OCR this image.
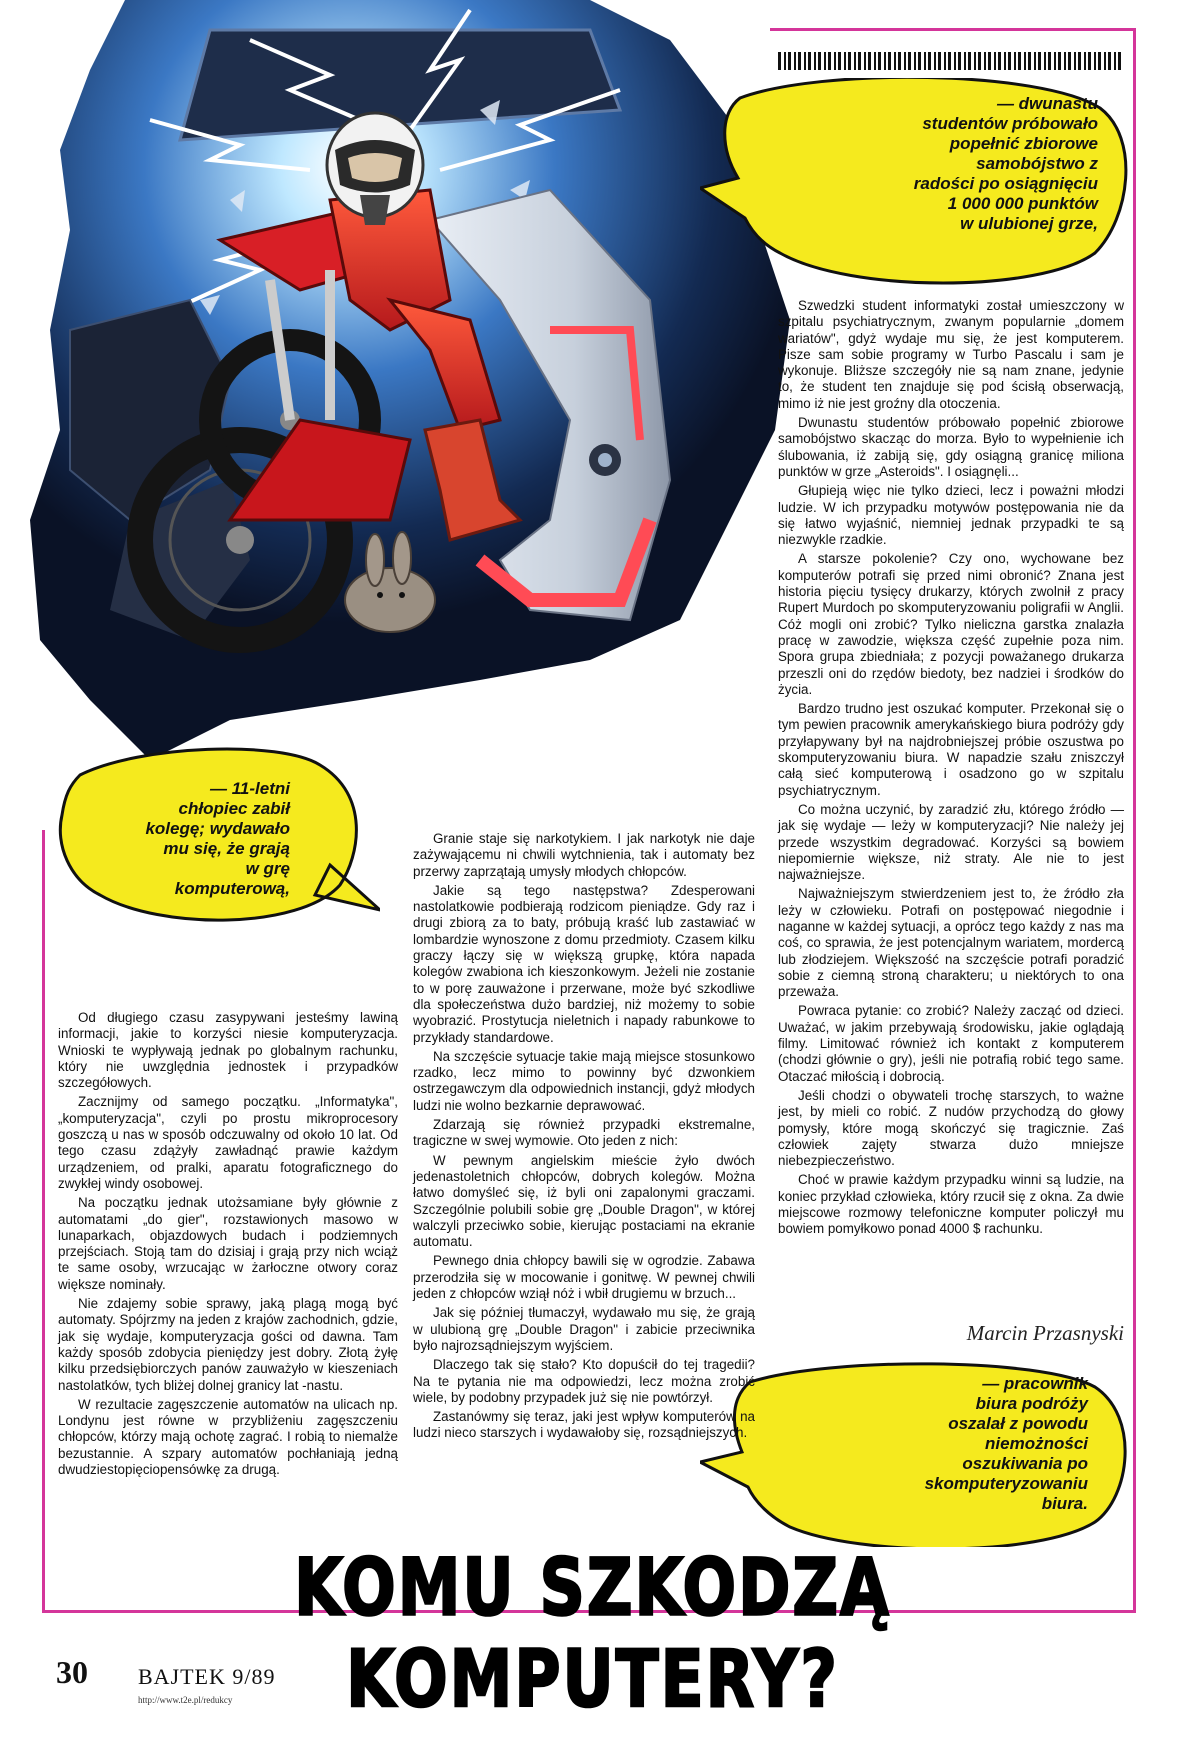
— dwunastu
studentów próbowało
popełnić zbiorowe
samobójstwo z
radości po osiągnięciu
1 000 000 punktów
w ulubionej grze,
— 11-letni
chłopiec zabił
kolegę; wydawało
mu się, że grają
w grę
komputerową,
— pracownik
biura podróży
oszalał z powodu
niemożności
oszukiwania po
skomputeryzowaniu
biura.

Od długiego czasu zasypywani jesteśmy lawiną informacji, jakie to korzyści niesie komputeryzacja. Wnioski te wypływają jednak po globalnym rachunku, który nie uwzględnia jednostek i przypadków szczegółowych.

Zacznijmy od samego początku. „Informatyka", „komputeryzacja", czyli po prostu mikroprocesory goszczą u nas w sposób odczuwalny od około 10 lat. Od tego czasu zdążyły zawładnąć prawie każdym urządzeniem, od pralki, aparatu fotograficznego do zwykłej windy osobowej.

Na początku jednak utożsamiane były głównie z automatami „do gier", rozstawionych masowo w lunaparkach, objazdowych budach i podziemnych przejściach. Stoją tam do dzisiaj i grają przy nich wciąż te same osoby, wrzucając w żarłoczne otwory coraz większe nominały.

Nie zdajemy sobie sprawy, jaką plagą mogą być automaty. Spójrzmy na jeden z krajów zachodnich, gdzie, jak się wydaje, komputeryzacja gości od dawna. Tam każdy sposób zdobycia pieniędzy jest dobry. Złotą żyłę kilku przedsiębiorczych panów zauważyło w kieszeniach nastolatków, tych bliżej dolnej granicy lat -nastu.

W rezultacie zagęszczenie automatów na ulicach np. Londynu jest równe w przybliżeniu zagęszczeniu chłopców, którzy mają ochotę zagrać. I robią to niemalże bezustannie. A szpary automatów pochłaniają jedną dwudziestopięciopensówkę za drugą.

Granie staje się narkotykiem. I jak narkotyk nie daje zażywającemu ni chwili wytchnienia, tak i automaty bez przerwy zaprzątają umysły młodych chłopców.

Jakie są tego następstwa? Zdesperowani nastolatkowie podbierają rodzicom pieniądze. Gdy raz i drugi zbiorą za to baty, próbują kraść lub zastawiać w lombardzie wynoszone z domu przedmioty. Czasem kilku graczy łączy się w większą grupkę, która napada kolegów zwabiona ich kieszonkowym. Jeżeli nie zostanie to w porę zauważone i przerwane, może być szkodliwe dla społeczeństwa dużo bardziej, niż możemy to sobie wyobrazić. Prostytucja nieletnich i napady rabunkowe to przykłady standardowe.

Na szczęście sytuacje takie mają miejsce stosunkowo rzadko, lecz mimo to powinny być dzwonkiem ostrzegawczym dla odpowiednich instancji, gdyż młodych ludzi nie wolno bezkarnie deprawować.

Zdarzają się również przypadki ekstremalne, tragiczne w swej wymowie. Oto jeden z nich:

W pewnym angielskim mieście żyło dwóch jedenastoletnich chłopców, dobrych kolegów. Można łatwo domyśleć się, iż byli oni zapalonymi graczami. Szczególnie polubili sobie grę „Double Dragon", w której walczyli przeciwko sobie, kierując postaciami na ekranie automatu.

Pewnego dnia chłopcy bawili się w ogrodzie. Zabawa przerodziła się w mocowanie i gonitwę. W pewnej chwili jeden z chłopców wziął nóż i wbił drugiemu w brzuch...

Jak się później tłumaczył, wydawało mu się, że grają w ulubioną grę „Double Dragon" i zabicie przeciwnika było najrozsądniejszym wyjściem.

Dlaczego tak się stało? Kto dopuścił do tej tragedii? Na te pytania nie ma odpowiedzi, lecz można zrobić wiele, by podobny przypadek już się nie powtórzył.

Zastanówmy się teraz, jaki jest wpływ komputerów na ludzi nieco starszych i wydawałoby się, rozsądniejszych.

Szwedzki student informatyki został umieszczony w szpitalu psychiatrycznym, zwanym popularnie „domem wariatów", gdyż wydaje mu się, że jest komputerem. Pisze sam sobie programy w Turbo Pascalu i sam je wykonuje. Bliższe szczegóły nie są nam znane, jedynie to, że student ten znajduje się pod ścisłą obserwacją, mimo iż nie jest groźny dla otoczenia.

Dwunastu studentów próbowało popełnić zbiorowe samobójstwo skacząc do morza. Było to wypełnienie ich ślubowania, iż zabiją się, gdy osiągną granicę miliona punktów w grze „Asteroids". I osiągnęli...

Głupieją więc nie tylko dzieci, lecz i poważni młodzi ludzie. W ich przypadku motywów postępowania nie da się łatwo wyjaśnić, niemniej jednak przypadki te są niezwykle rzadkie.

A starsze pokolenie? Czy ono, wychowane bez komputerów potrafi się przed nimi obronić? Znana jest historia pięciu tysięcy drukarzy, których zwolnił z pracy Rupert Murdoch po skomputeryzowaniu poligrafii w Anglii. Cóż mogli oni zrobić? Tylko nieliczna garstka znalazła pracę w zawodzie, większa część zupełnie poza nim. Spora grupa zbiedniała; z pozycji poważanego drukarza przeszli oni do rzędów biedoty, bez nadziei i środków do życia.

Bardzo trudno jest oszukać komputer. Przekonał się o tym pewien pracownik amerykańskiego biura podróży gdy przyłapywany był na najdrobniejszej próbie oszustwa po skomputeryzowaniu biura. W napadzie szału zniszczył całą sieć komputerową i osadzono go w szpitalu psychiatrycznym.

Co można uczynić, by zaradzić złu, którego źródło — jak się wydaje — leży w komputeryzacji? Nie należy jej przede wszystkim degradować. Korzyści są bowiem niepomiernie większe, niż straty. Ale nie to jest najważniejsze.

Najważniejszym stwierdzeniem jest to, że źródło zła leży w człowieku. Potrafi on postępować niegodnie i naganne w każdej sytuacji, a oprócz tego każdy z nas ma coś, co sprawia, że jest potencjalnym wariatem, mordercą lub złodziejem. Większość na szczęście potrafi poradzić sobie z ciemną stroną charakteru; u niektórych to ona przeważa.

Powraca pytanie: co zrobić? Należy zacząć od dzieci. Uważać, w jakim przebywają środowisku, jakie oglądają filmy. Limitować również ich kontakt z komputerem (chodzi głównie o gry), jeśli nie potrafią robić tego same. Otaczać miłością i dobrocią.

Jeśli chodzi o obywateli trochę starszych, to ważne jest, by mieli co robić. Z nudów przychodzą do głowy pomysły, które mogą skończyć się tragicznie. Zaś człowiek zajęty stwarza dużo mniejsze niebezpieczeństwo.

Choć w prawie każdym przypadku winni są ludzie, na koniec przykład człowieka, który rzucił się z okna. Za dwie miejscowe rozmowy telefoniczne komputer policzył mu bowiem pomyłkowo ponad 4000 $ rachunku.

Marcin Przasnyski
KOMU SZKODZĄ KOMPUTERY?
30 BAJTEK 9/89
http://www.t2e.pl/redukcy
